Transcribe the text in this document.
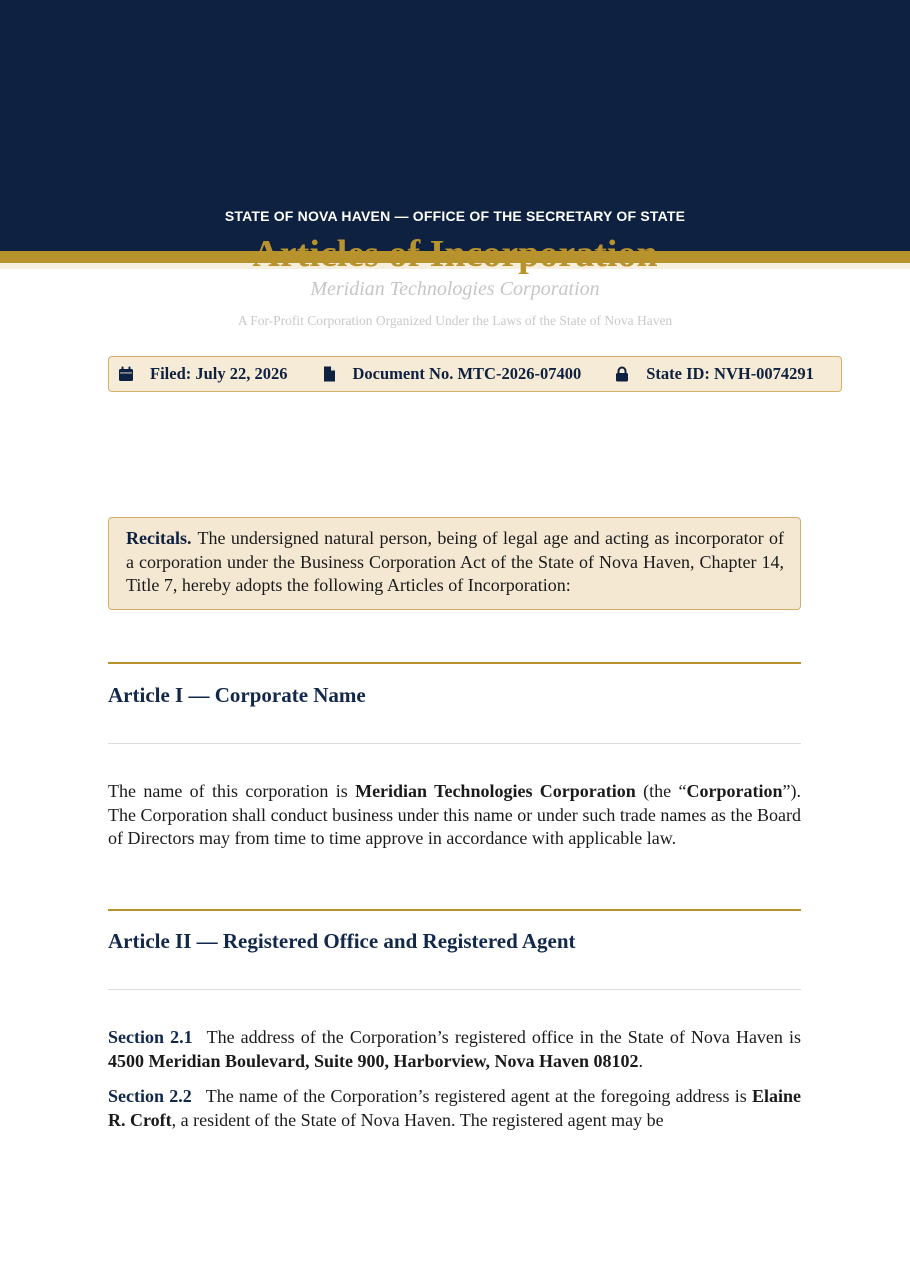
STATE OF NOVA HAVEN — OFFICE OF THE SECRETARY OF STATE
Meridian Technologies Corporation
A For-Profit Corporation Organized Under the Laws of the State of Nova Haven
Filed: July 22, 2026	Document No. MTC-2026-07400	State ID: NVH-0074291
Recitals. The undersigned natural person, being of legal age and acting as incorporator of a corporation under the Business Corporation Act of the State of Nova Haven, Chapter 14, Title 7, hereby adopts the following Articles of Incorporation:
Article I — Corporate Name
The name of this corporation is Meridian Technologies Corporation (the “Corporation”). The Corporation shall conduct business under this name or under such trade names as the Board of Directors may from time to time approve in accordance with applicable law.
Article II — Registered Office and Registered Agent
Section 2.1 The address of the Corporation’s registered office in the State of Nova Haven is 4500 Meridian Boulevard, Suite 900, Harborview, Nova Haven 08102.
Section 2.2 The name of the Corporation’s registered agent at the foregoing address is Elaine R. Croft, a resident of the State of Nova Haven. The registered agent may be
